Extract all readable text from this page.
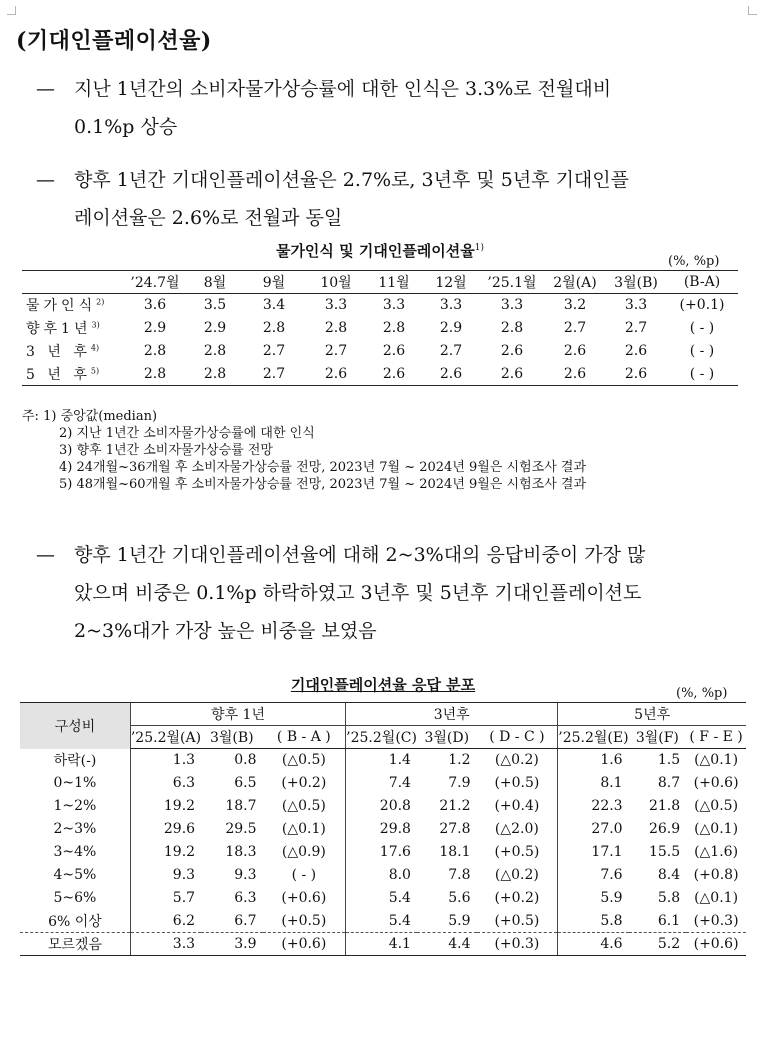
(기대인플레이션율)
—	지난 1년간의 소비자물가상승률에 대한 인식은 3.3%로 전월대비
0.1%p 상승
—	향후 1년간 기대인플레이션율은 2.7%로, 3년후 및 5년후 기대인플
레이션율은 2.6%로 전월과 동일
물가인식 및 기대인플레이션율$^{1)}$
(%, %p)
	’24.7월	8월	9월	10월	11월	12월	’25.1월	2월(A)	3월(B)	(B-A)
물가인식$^{2)}$	3.6	3.5	3.4	3.3	3.3	3.3	3.3	3.2	3.3	(+0.1)
향후1년$^{3)}$	2.9	2.9	2.8	2.8	2.8	2.9	2.8	2.7	2.7	( - )
3 년 후$^{4)}$	2.8	2.8	2.7	2.7	2.6	2.7	2.6	2.6	2.6	( - )
5 년 후$^{5)}$	2.8	2.8	2.7	2.6	2.6	2.6	2.6	2.6	2.6	( - )
주: 1) 중앙값(median)
2) 지난 1년간 소비자물가상승률에 대한 인식
3) 향후 1년간 소비자물가상승률 전망
4) 24개월~36개월 후 소비자물가상승률 전망, 2023년 7월 ~ 2024년 9월은 시험조사 결과
5) 48개월~60개월 후 소비자물가상승률 전망, 2023년 7월 ~ 2024년 9월은 시험조사 결과
—	향후 1년간 기대인플레이션율에 대해 2~3%대의 응답비중이 가장 많
았으며 비중은 0.1%p 하락하였고 3년후 및 5년후 기대인플레이션도
2~3%대가 가장 높은 비중을 보였음
기대인플레이션율 응답 분포	(%, %p)
구성비	향후 1년			3년후			5년후		
	’25.2월(A)	3월(B)	( B - A )	’25.2월(C)	3월(D)	( D - C )	’25.2월(E)	3월(F)	( F - E )
하락(-)	1.3	0.8	(△0.5)	1.4	1.2	(△0.2)	1.6	1.5	(△0.1)
0~1%	6.3	6.5	(+0.2)	7.4	7.9	(+0.5)	8.1	8.7	(+0.6)
1~2%	19.2	18.7	(△0.5)	20.8	21.2	(+0.4)	22.3	21.8	(△0.5)
2~3%	29.6	29.5	(△0.1)	29.8	27.8	(△2.0)	27.0	26.9	(△0.1)
3~4%	19.2	18.3	(△0.9)	17.6	18.1	(+0.5)	17.1	15.5	(△1.6)
4~5%	9.3	9.3	( - )	8.0	7.8	(△0.2)	7.6	8.4	(+0.8)
5~6%	5.7	6.3	(+0.6)	5.4	5.6	(+0.2)	5.9	5.8	(△0.1)
6% 이상	6.2	6.7	(+0.5)	5.4	5.9	(+0.5)	5.8	6.1	(+0.3)
모르겠음	3.3	3.9	(+0.6)	4.1	4.4	(+0.3)	4.6	5.2	(+0.6)
